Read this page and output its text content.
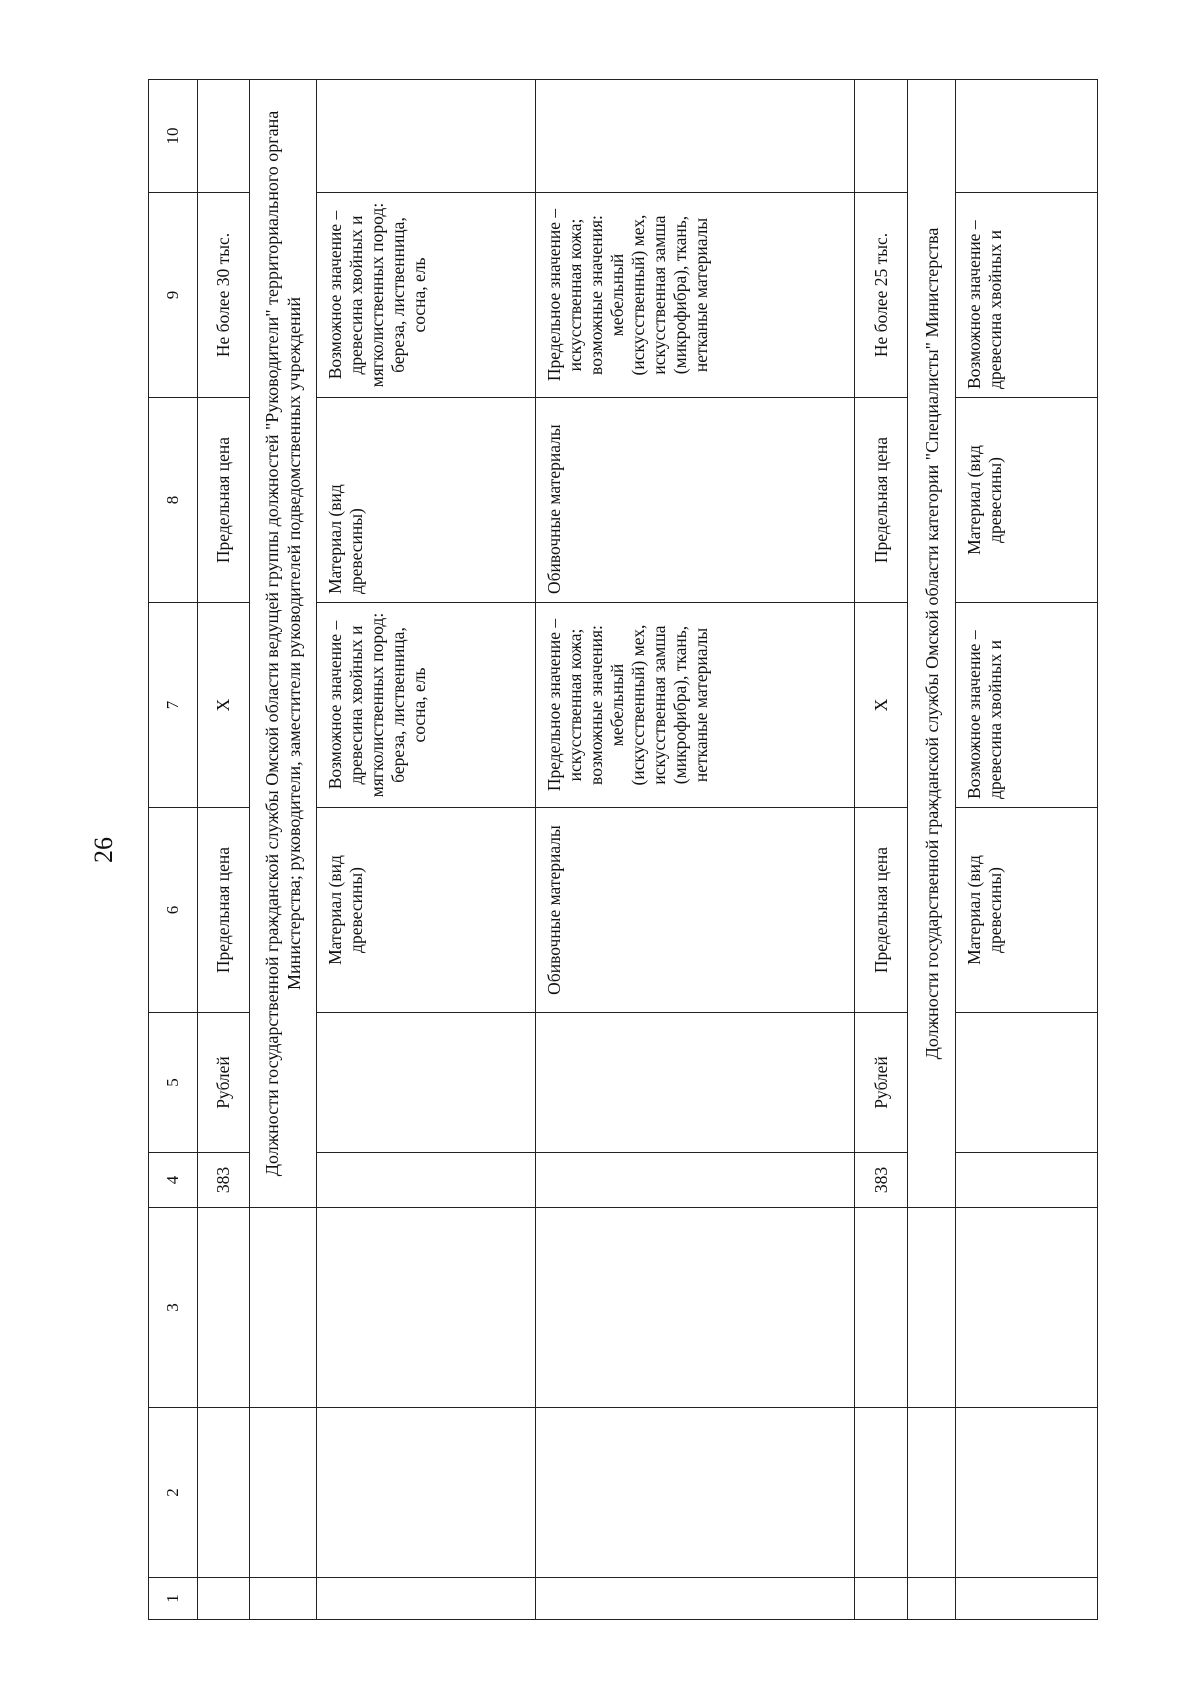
26
1	2	3	4	5	6	7	8	9	10
			383	Рублей	Предельная цена	Х	Предельная цена	Не более 30 тыс.	
			Должности государственной гражданской службы Омской области ведущей группы должностей "Руководители" территориального органа Министерства; руководители, заместители руководителей подведомственных учреждений						
					Материал (вид древесины)	Возможное значение – древесина хвойных и мягколиственных пород: береза, лиственница, сосна, ель	Материал (вид древесины)	Возможное значение – древесина хвойных и мягколиственных пород: береза, лиственница, сосна, ель	
					Обивочные материалы	Предельное значение – искусственная кожа; возможные значения: мебельный (искусственный) мех, искусственная замша (микрофибра), ткань, нетканые материалы	Обивочные материалы	Предельное значение – искусственная кожа; возможные значения: мебельный (искусственный) мех, искусственная замша (микрофибра), ткань, нетканые материалы	
			383	Рублей	Предельная цена	Х	Предельная цена	Не более 25 тыс.	
			Должности государственной гражданской службы Омской области категории "Специалисты" Министерства						
					Материал (вид древесины)	Возможное значение – древесина хвойных и	Материал (вид древесины)	Возможное значение – древесина хвойных и	
